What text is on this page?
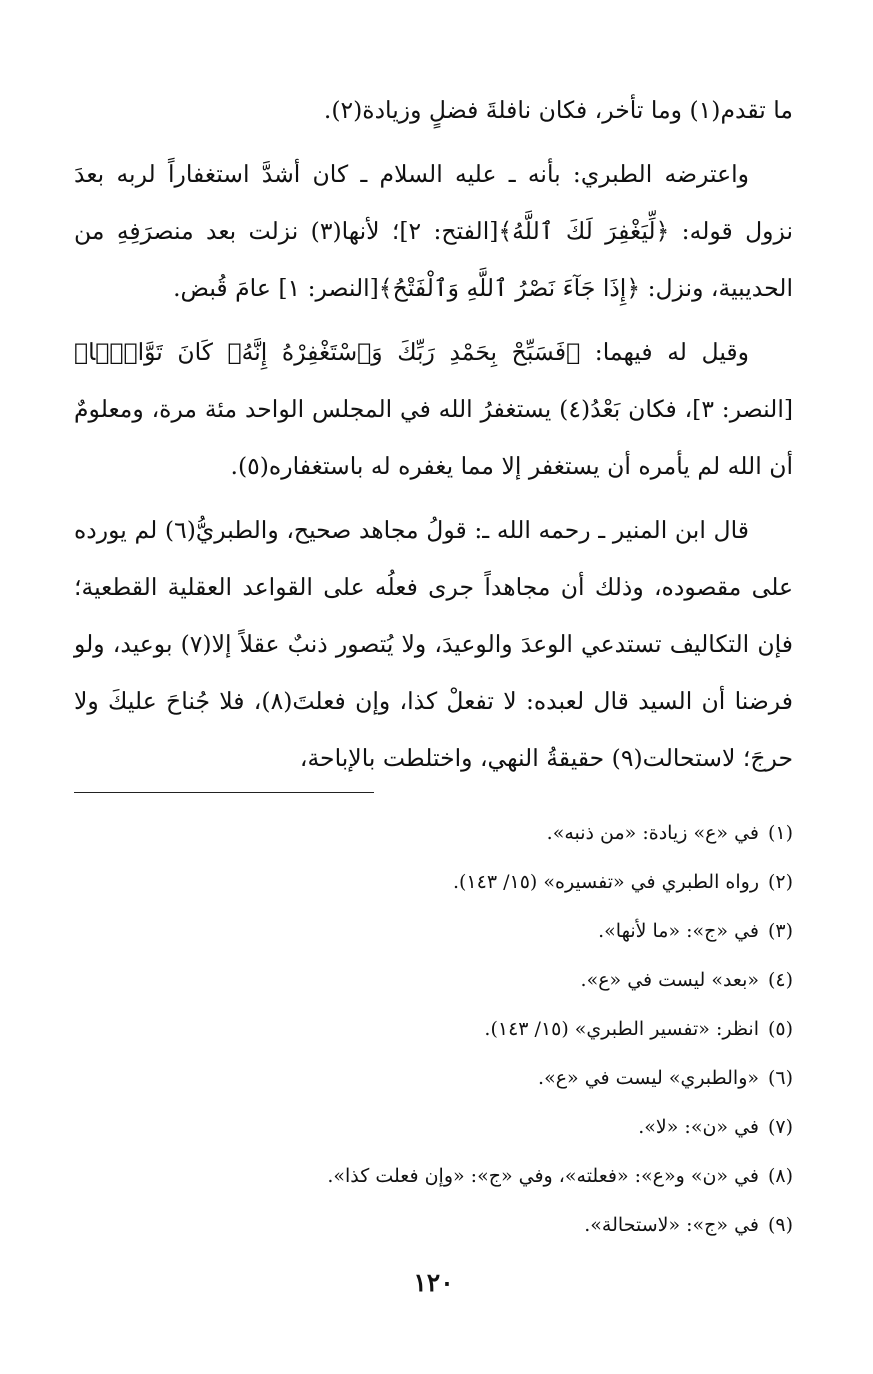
ما تقدم(١) وما تأخر، فكان نافلةَ فضلٍ وزيادة(٢).

واعترضه الطبري: بأنه ـ عليه السلام ـ كان أشدَّ استغفاراً لربه بعدَ نزول قوله: ﴿لِّيَغْفِرَ لَكَ ٱللَّهُ﴾[الفتح: ٢]؛ لأنها(٣) نزلت بعد منصرَفِهِ من الحديبية، ونزل: ﴿إِذَا جَآءَ نَصْرُ ٱللَّهِ وَٱلْفَتْحُ﴾[النصر: ١] عامَ قُبض.

وقيل له فيهما: ﴿فَسَبِّحْ بِحَمْدِ رَبِّكَ وَٱسْتَغْفِرْهُ إِنَّهُۥ كَانَ تَوَّابًۢا﴾[النصر: ٣]، فكان بَعْدُ(٤) يستغفرُ الله في المجلس الواحد مئة مرة، ومعلومٌ أن الله لم يأمره أن يستغفر إلا مما يغفره له باستغفاره(٥).

قال ابن المنير ـ رحمه الله ـ: قولُ مجاهد صحيح، والطبريُّ(٦) لم يورده على مقصوده، وذلك أن مجاهداً جرى فعلُه على القواعد العقلية القطعية؛ فإن التكاليف تستدعي الوعدَ والوعيدَ، ولا يُتصور ذنبٌ عقلاً إلا(٧) بوعيد، ولو فرضنا أن السيد قال لعبده: لا تفعلْ كذا، وإن فعلتَ(٨)، فلا جُناحَ عليكَ ولا حرجَ؛ لاستحالت(٩) حقيقةُ النهي، واختلطت بالإباحة،

(١)في «ع» زيادة: «من ذنبه».
(٢)رواه الطبري في «تفسيره» (١٥/ ١٤٣).
(٣)في «ج»: «ما لأنها».
(٤)«بعد» ليست في «ع».
(٥)انظر: «تفسير الطبري» (١٥/ ١٤٣).
(٦)«والطبري» ليست في «ع».
(٧)في «ن»: «لا».
(٨)في «ن» و«ع»: «فعلته»، وفي «ج»: «وإن فعلت كذا».
(٩)في «ج»: «لاستحالة».
١٢٠
